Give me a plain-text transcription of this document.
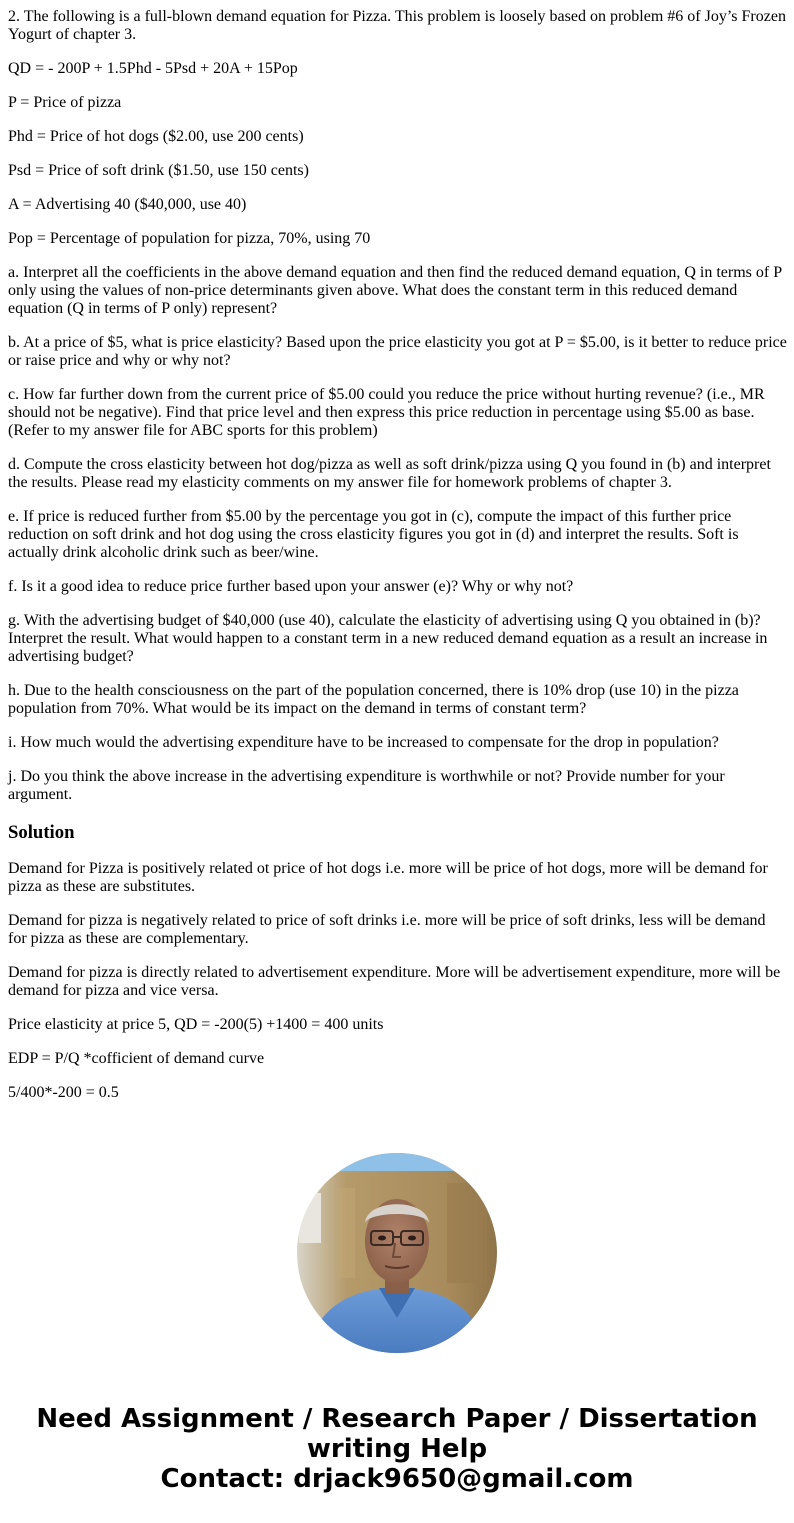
2. The following is a full-blown demand equation for Pizza. This problem is loosely based on problem #6 of Joy’s Frozen Yogurt of chapter 3.

QD = - 200P + 1.5Phd - 5Psd + 20A + 15Pop

P = Price of pizza

Phd = Price of hot dogs ($2.00, use 200 cents)

Psd = Price of soft drink ($1.50, use 150 cents)

A = Advertising 40 ($40,000, use 40)

Pop = Percentage of population for pizza, 70%, using 70

a. Interpret all the coefficients in the above demand equation and then find the reduced demand equation, Q in terms of P only using the values of non-price determinants given above. What does the constant term in this reduced demand equation (Q in terms of P only) represent?

b. At a price of $5, what is price elasticity? Based upon the price elasticity you got at P = $5.00, is it better to reduce price or raise price and why or why not?

c. How far further down from the current price of $5.00 could you reduce the price without hurting revenue? (i.e., MR should not be negative). Find that price level and then express this price reduction in percentage using $5.00 as base. (Refer to my answer file for ABC sports for this problem)

d. Compute the cross elasticity between hot dog/pizza as well as soft drink/pizza using Q you found in (b) and interpret the results. Please read my elasticity comments on my answer file for homework problems of chapter 3.

e. If price is reduced further from $5.00 by the percentage you got in (c), compute the impact of this further price reduction on soft drink and hot dog using the cross elasticity figures you got in (d) and interpret the results. Soft is actually drink alcoholic drink such as beer/wine.

f. Is it a good idea to reduce price further based upon your answer (e)? Why or why not?

g. With the advertising budget of $40,000 (use 40), calculate the elasticity of advertising using Q you obtained in (b)? Interpret the result. What would happen to a constant term in a new reduced demand equation as a result an increase in advertising budget?

h. Due to the health consciousness on the part of the population concerned, there is 10% drop (use 10) in the pizza population from 70%. What would be its impact on the demand in terms of constant term?

i. How much would the advertising expenditure have to be increased to compensate for the drop in population?

j. Do you think the above increase in the advertising expenditure is worthwhile or not? Provide number for your argument.

Solution

Demand for Pizza is positively related ot price of hot dogs i.e. more will be price of hot dogs, more will be demand for pizza as these are substitutes.

Demand for pizza is negatively related to price of soft drinks i.e. more will be price of soft drinks, less will be demand for pizza as these are complementary.

Demand for pizza is directly related to advertisement expenditure. More will be advertisement expenditure, more will be demand for pizza and vice versa.

Price elasticity at price 5, QD = -200(5) +1400 = 400 units

EDP = P/Q *cofficient of demand curve

5/400*-200 = 0.5

Need Assignment / Research Paper / Dissertation
writing Help
Contact: drjack9650@gmail.com
